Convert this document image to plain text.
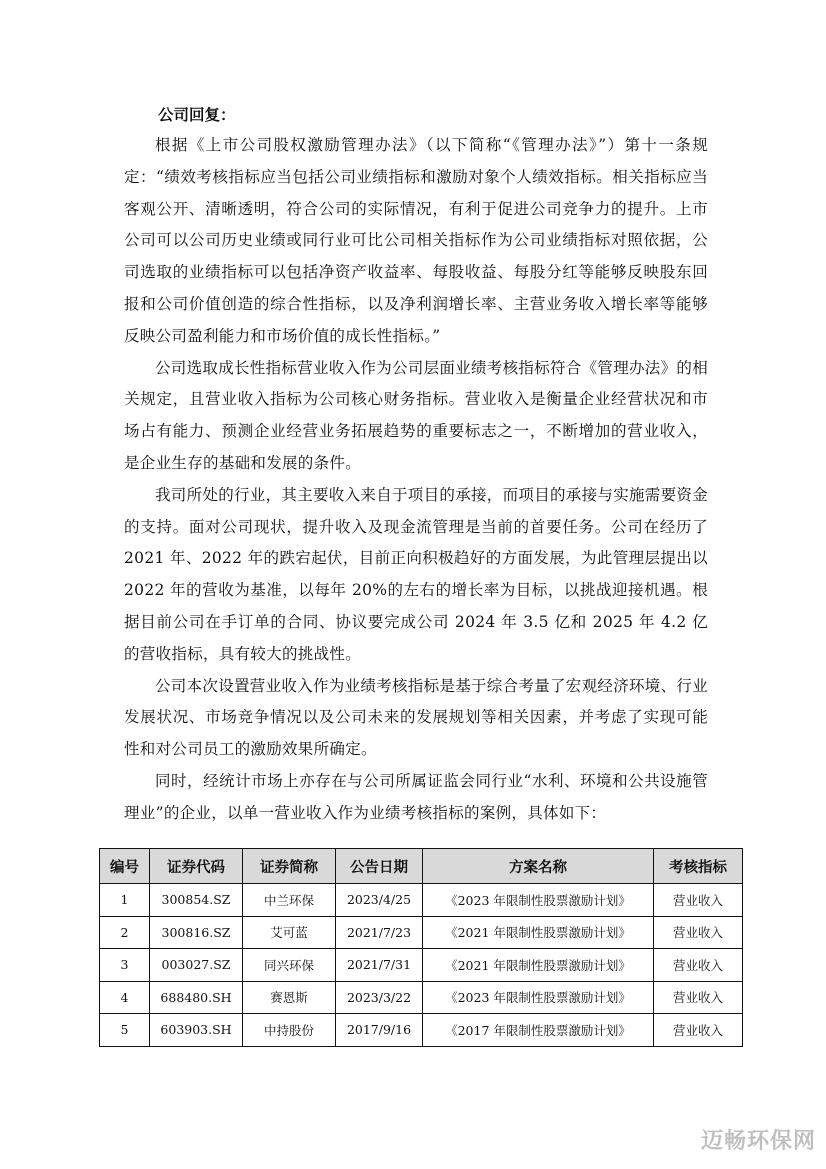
公司回复：

根据《上市公司股权激励管理办法》（以下简称“《管理办法》”）第十一条规定：“绩效考核指标应当包括公司业绩指标和激励对象个人绩效指标。相关指标应当客观公开、清晰透明，符合公司的实际情况，有利于促进公司竞争力的提升。上市公司可以公司历史业绩或同行业可比公司相关指标作为公司业绩指标对照依据，公司选取的业绩指标可以包括净资产收益率、每股收益、每股分红等能够反映股东回报和公司价值创造的综合性指标，以及净利润增长率、主营业务收入增长率等能够反映公司盈利能力和市场价值的成长性指标。”

公司选取成长性指标营业收入作为公司层面业绩考核指标符合《管理办法》的相关规定，且营业收入指标为公司核心财务指标。营业收入是衡量企业经营状况和市场占有能力、预测企业经营业务拓展趋势的重要标志之一，不断增加的营业收入，是企业生存的基础和发展的条件。

我司所处的行业，其主要收入来自于项目的承接，而项目的承接与实施需要资金的支持。面对公司现状，提升收入及现金流管理是当前的首要任务。公司在经历了 2021 年、2022 年的跌宕起伏，目前正向积极趋好的方面发展，为此管理层提出以 2022 年的营收为基准，以每年 20%的左右的增长率为目标，以挑战迎接机遇。根据目前公司在手订单的合同、协议要完成公司 2024 年 3.5 亿和 2025 年 4.2 亿的营收指标，具有较大的挑战性。

公司本次设置营业收入作为业绩考核指标是基于综合考量了宏观经济环境、行业发展状况、市场竞争情况以及公司未来的发展规划等相关因素，并考虑了实现可能性和对公司员工的激励效果所确定。

同时，经统计市场上亦存在与公司所属证监会同行业“水利、环境和公共设施管理业”的企业，以单一营业收入作为业绩考核指标的案例，具体如下：

编号	证券代码	证券简称	公告日期	方案名称	考核指标
1	300854.SZ	中兰环保	2023/4/25	《2023 年限制性股票激励计划》	营业收入
2	300816.SZ	艾可蓝	2021/7/23	《2021 年限制性股票激励计划》	营业收入
3	003027.SZ	同兴环保	2021/7/31	《2021 年限制性股票激励计划》	营业收入
4	688480.SH	赛恩斯	2023/3/22	《2023 年限制性股票激励计划》	营业收入
5	603903.SH	中持股份	2017/9/16	《2017 年限制性股票激励计划》	营业收入
迈畅环保网
